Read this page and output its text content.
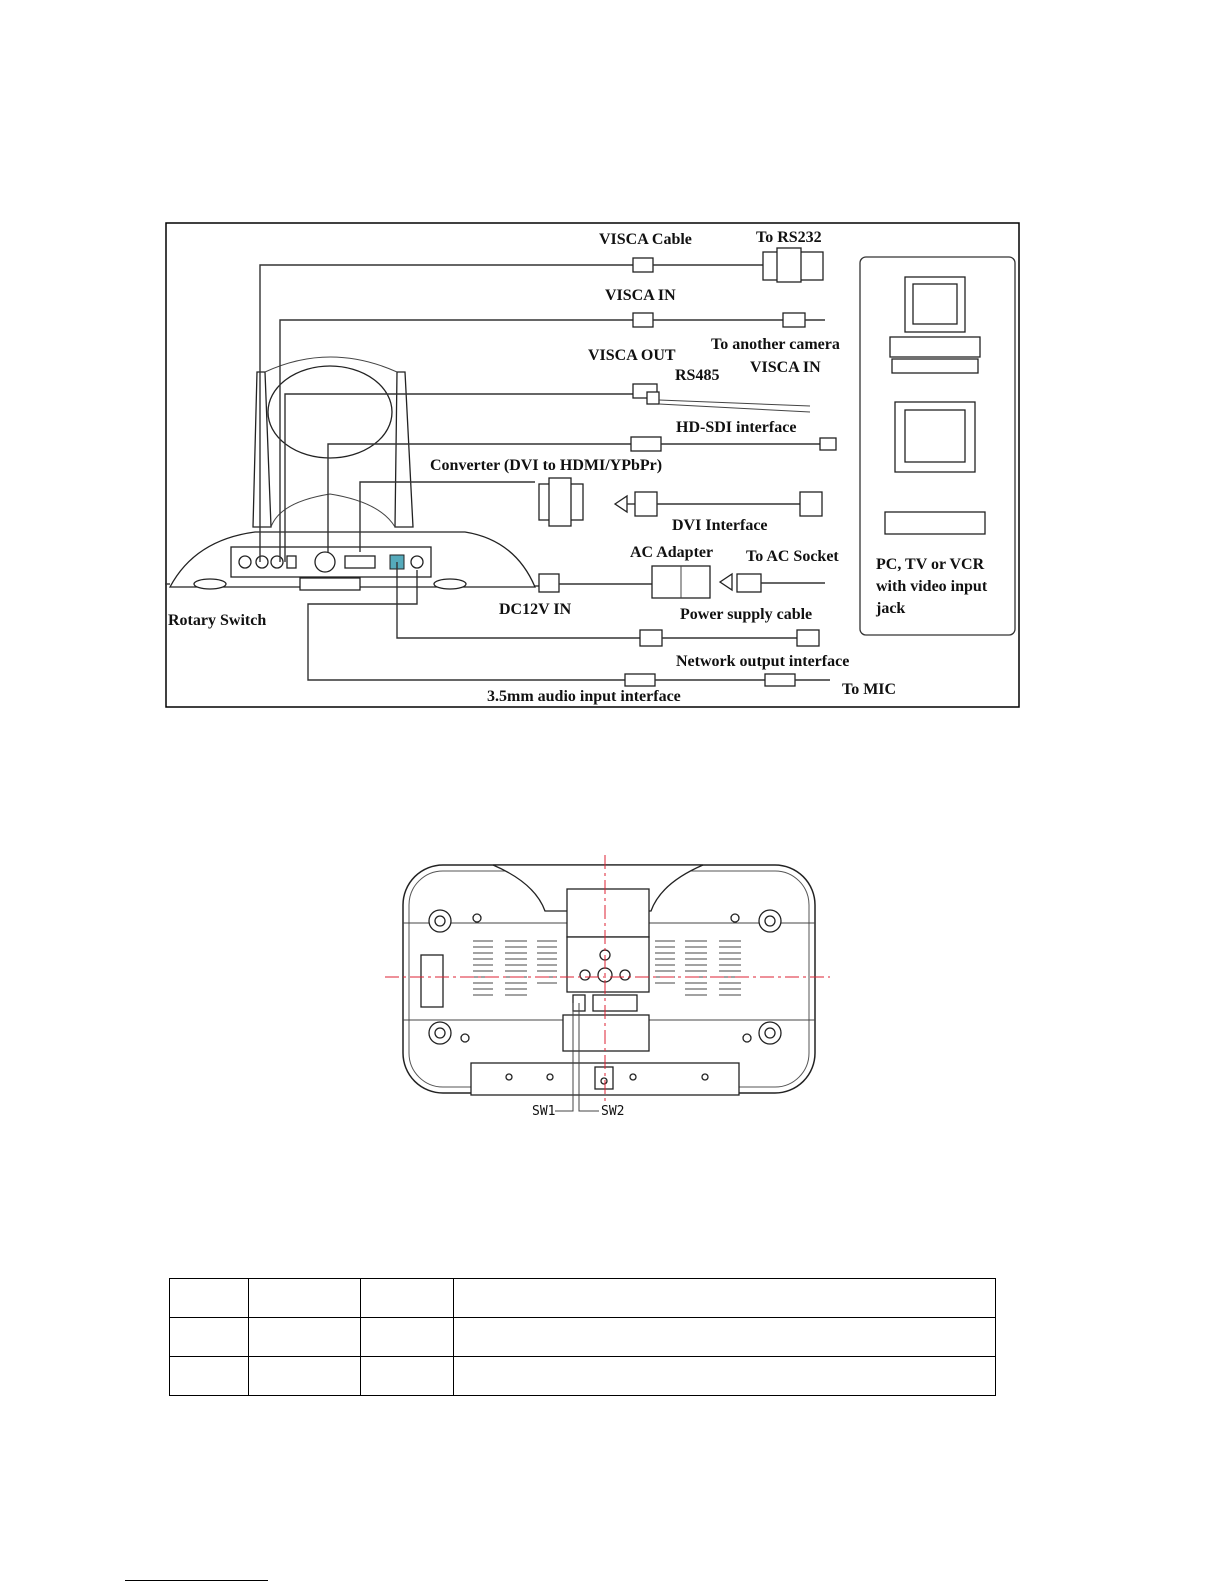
VISCA Cable	To RS232
VISCA IN
To another camera
VISCA OUT
VISCA IN
RS485
HD-SDI interface
Converter (DVI to HDMI/YPbPr)
DVI Interface
AC Adapter To AC Socket
Rotary Switch
DC12V IN	Power supply cable
Network output interface
3.5mm audio input interface	To MIC
PC, TV or VCR
with video input
jack
SW1	SW2
